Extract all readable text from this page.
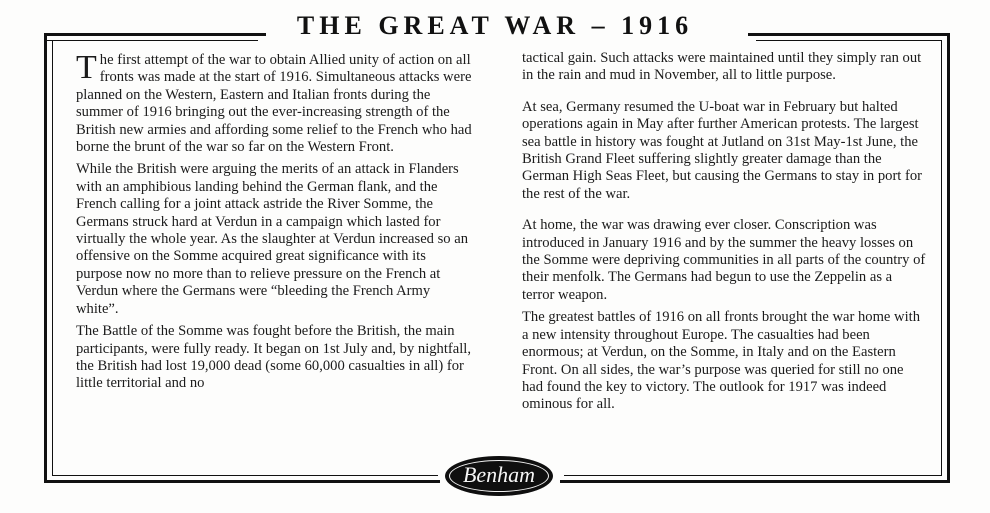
THE GREAT WAR – 1916

The first attempt of the war to obtain Allied unity of action on all fronts was made at the start of 1916. Simultaneous attacks were planned on the Western, Eastern and Italian fronts during the summer of 1916 bringing out the ever-increasing strength of the British new armies and affording some relief to the French who had borne the brunt of the war so far on the Western Front.

While the British were arguing the merits of an attack in Flanders with an amphibious landing behind the German flank, and the French calling for a joint attack astride the River Somme, the Germans struck hard at Verdun in a campaign which lasted for virtually the whole year. As the slaughter at Verdun increased so an offensive on the Somme acquired great significance with its purpose now no more than to relieve pressure on the French at Verdun where the Germans were “bleeding the French Army white”.

The Battle of the Somme was fought before the British, the main participants, were fully ready. It began on 1st July and, by nightfall, the British had lost 19,000 dead (some 60,000 casualties in all) for little territorial and no

tactical gain. Such attacks were maintained until they simply ran out in the rain and mud in November, all to little purpose.

At sea, Germany resumed the U-boat war in February but halted operations again in May after further American protests. The largest sea battle in history was fought at Jutland on 31st May-1st June, the British Grand Fleet suffering slightly greater damage than the German High Seas Fleet, but causing the Germans to stay in port for the rest of the war.

At home, the war was drawing ever closer. Conscription was introduced in January 1916 and by the summer the heavy losses on the Somme were depriving communities in all parts of the country of their menfolk. The Germans had begun to use the Zeppelin as a terror weapon.

The greatest battles of 1916 on all fronts brought the war home with a new intensity throughout Europe. The casualties had been enormous; at Verdun, on the Somme, in Italy and on the Eastern Front. On all sides, the war’s purpose was queried for still no one had found the key to victory. The outlook for 1917 was indeed ominous for all.

Benham
